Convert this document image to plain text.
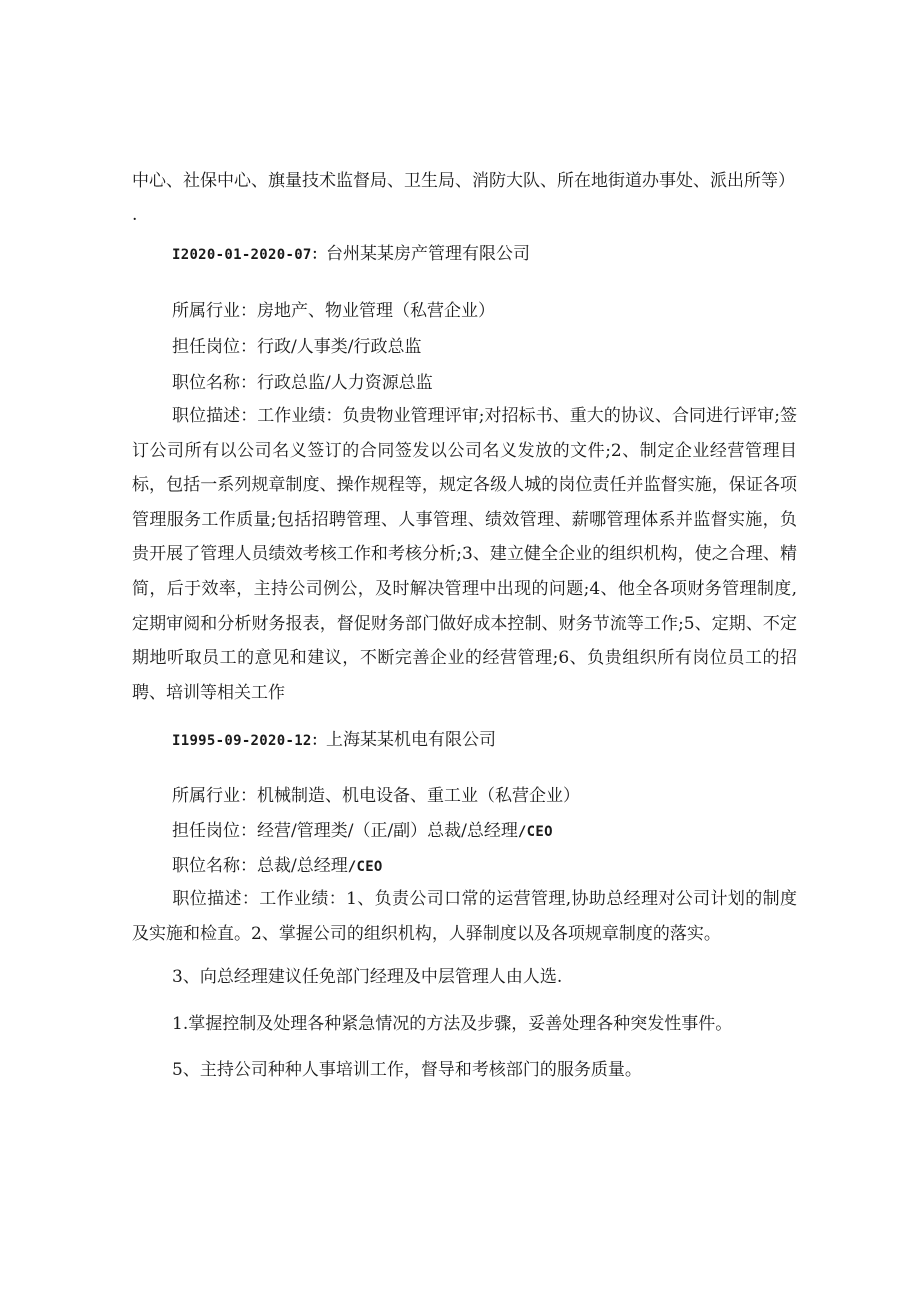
中心、社保中心、旗量技术监督局、卫生局、消防大队、所在地街道办事处、派出所等）
.
I2020-01-2020-07：台州某某房产管理有限公司
所属行业：房地产、物业管理（私营企业）
担任岗位：行政/人事类/行政总监
职位名称：行政总监/人力资源总监
职位描述：工作业绩：负贵物业管理评审;对招标书、重大的协议、合同进行评审;签订公司所有以公司名义签订的合同签发以公司名义发放的文件;2、制定企业经营管理目标，包括一系列规章制度、操作规程等，规定各级人城的岗位责任并监督实施，保证各项管理服务工作质量;包括招聘管理、人事管理、绩效管理、薪哪管理体系并监督实施，负贵开展了管理人员绩效考核工作和考核分析;3、建立健全企业的组织机构，使之合理、精简，后于效率，主持公司例公，及时解决管理中出现的问题;4、他全各项财务管理制度,定期审阅和分析财务报表，督促财务部门做好成本控制、财务节流等工作;5、定期、不定期地听取员工的意见和建议，不断完善企业的经营管理;6、负贵组织所有岗位员工的招聘、培训等相关工作
I1995-09-2020-12：上海某某机电有限公司
所属行业：机械制造、机电设备、重工业（私营企业）
担任岗位：经营/管理类/（正/副）总裁/总经理/CEO
职位名称：总裁/总经理/CEO
职位描述：工作业绩：1、负责公司口常的运营管理,协助总经理对公司计划的制度及实施和检直。2、掌握公司的组织机构，人驿制度以及各项规章制度的落实。
3、向总经理建议任免部门经理及中层管理人由人选.
1.掌握控制及处理各种紧急情况的方法及步骤，妥善处理各种突发性事件。
5、主持公司种种人事培训工作，督导和考核部门的服务质量。
